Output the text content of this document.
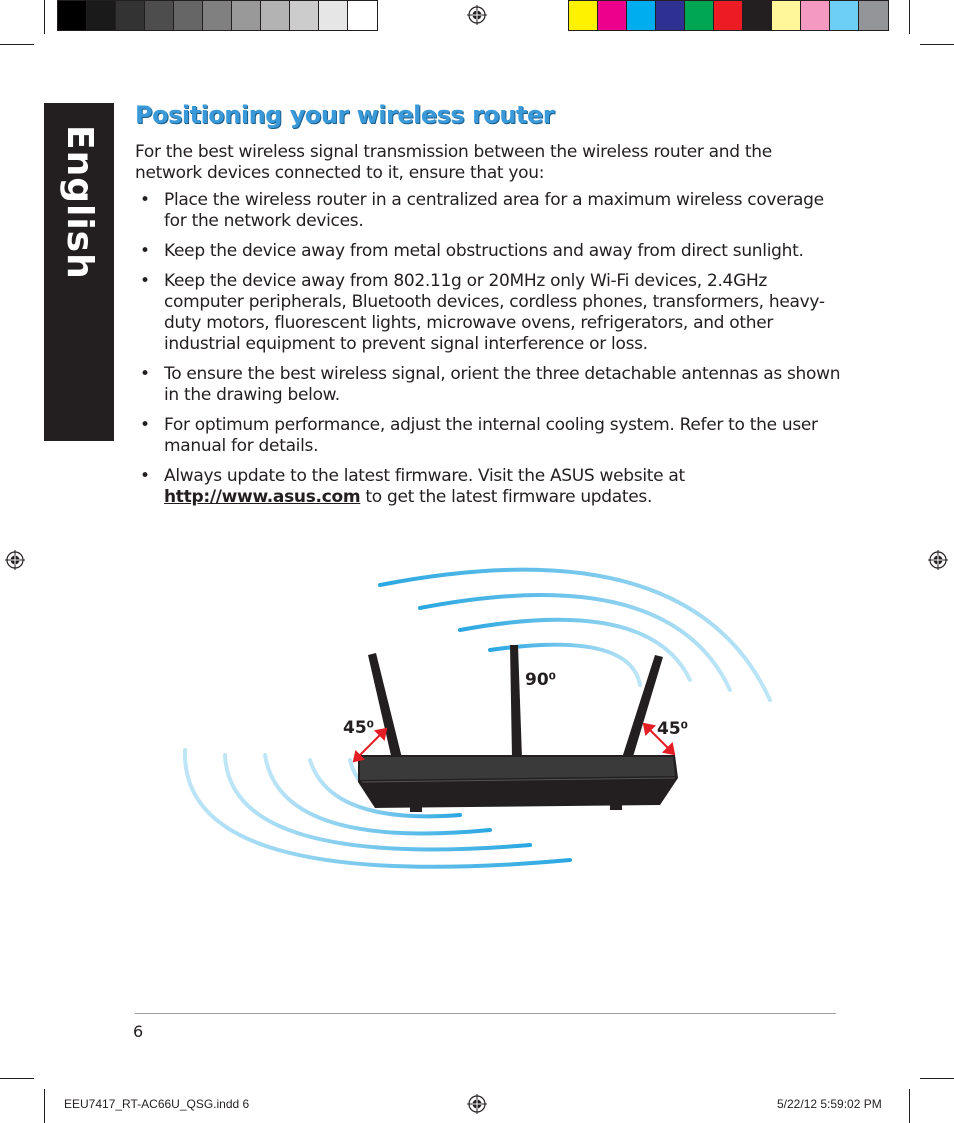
English
Positioning your wireless router
For the best wireless signal transmission between the wireless router and the network devices connected to it, ensure that you:
• Place the wireless router in a centralized area for a maximum wireless coverage for the network devices.
• Keep the device away from metal obstructions and away from direct sunlight.
• Keep the device away from 802.11g or 20MHz only Wi-Fi devices, 2.4GHz computer peripherals, Bluetooth devices, cordless phones, transformers, heavy-duty motors, fluorescent lights, microwave ovens, refrigerators, and other industrial equipment to prevent signal interference or loss.
• To ensure the best wireless signal, orient the three detachable antennas as shown in the drawing below.
• For optimum performance, adjust the internal cooling system. Refer to the user manual for details.
• Always update to the latest firmware. Visit the ASUS website at http://www.asus.com to get the latest firmware updates.
45⁰
90⁰
45⁰
6
EEU7417_RT-AC66U_QSG.indd 6	5/22/12 5:59:02 PM
